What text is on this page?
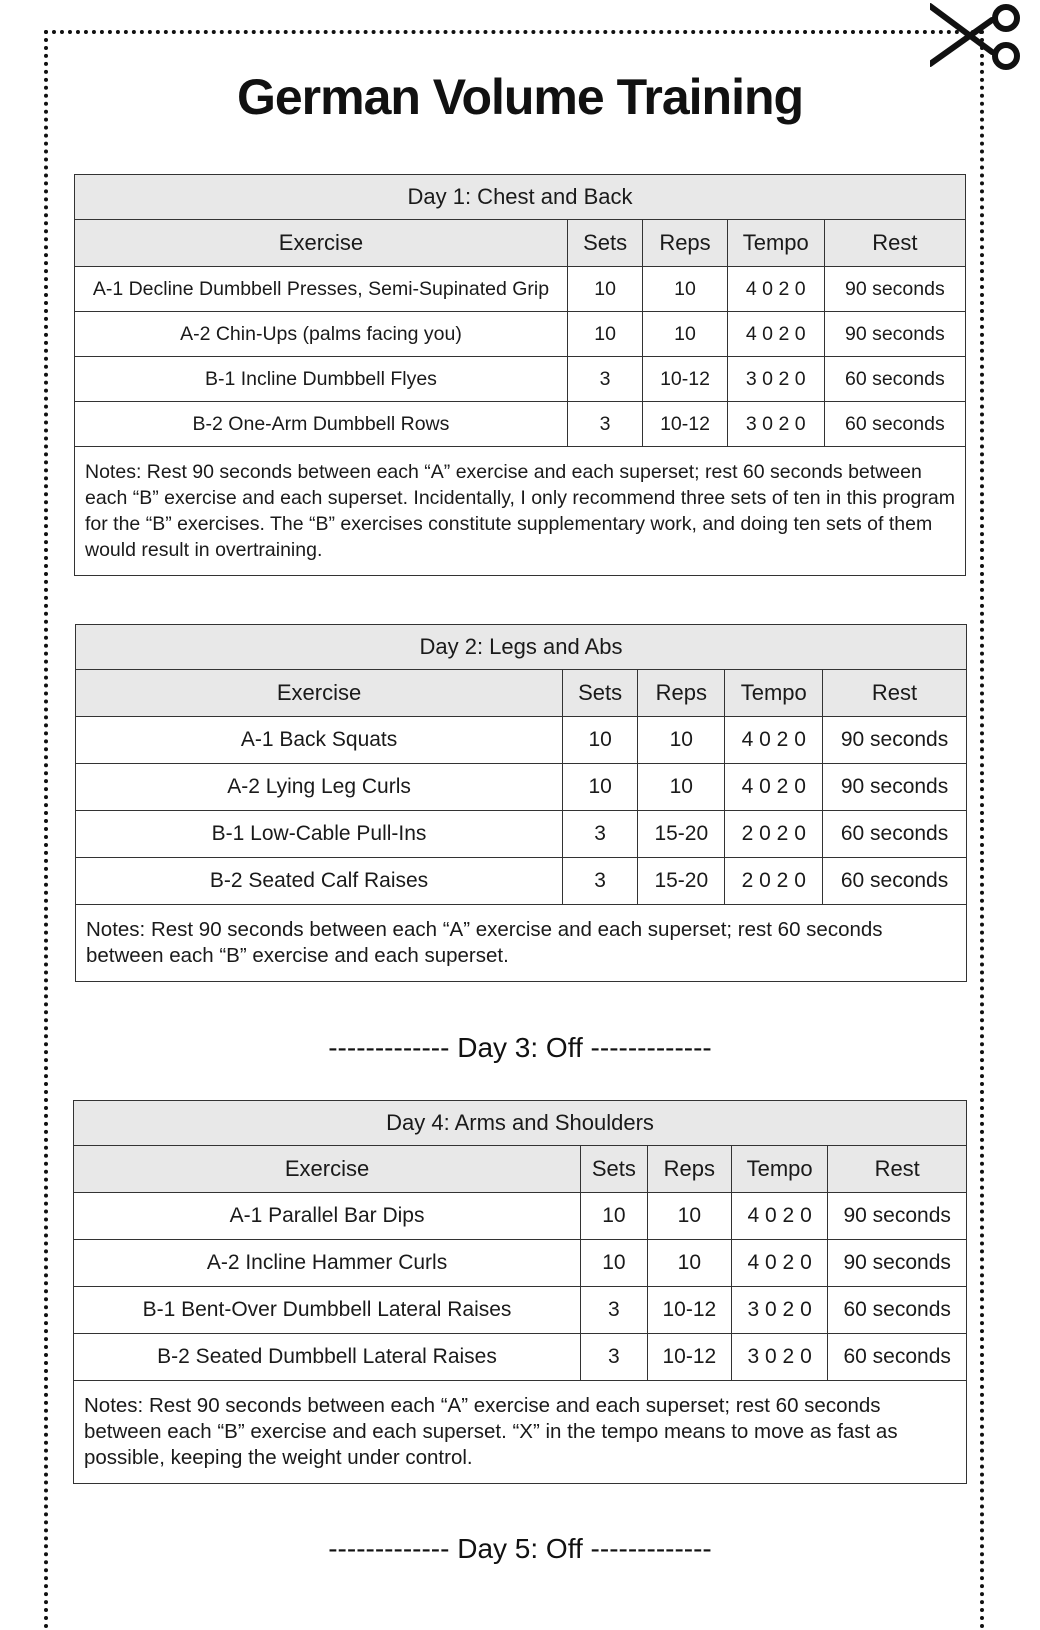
German Volume Training
Day 1: Chest and Back				
Exercise	Sets	Reps	Tempo	Rest
A-1 Decline Dumbbell Presses, Semi-Supinated Grip	10	10	4 0 2 0	90 seconds
A-2 Chin-Ups (palms facing you)	10	10	4 0 2 0	90 seconds
B-1 Incline Dumbbell Flyes	3	10-12	3 0 2 0	60 seconds
B-2 One-Arm Dumbbell Rows	3	10-12	3 0 2 0	60 seconds
Notes: Rest 90 seconds between each “A” exercise and each superset; rest 60 seconds between each “B” exercise and each superset. Incidentally, I only recommend three sets of ten in this program for the “B” exercises. The “B” exercises constitute supplementary work, and doing ten sets of them would result in overtraining.				
Day 2: Legs and Abs				
Exercise	Sets	Reps	Tempo	Rest
A-1 Back Squats	10	10	4 0 2 0	90 seconds
A-2 Lying Leg Curls	10	10	4 0 2 0	90 seconds
B-1 Low-Cable Pull-Ins	3	15-20	2 0 2 0	60 seconds
B-2 Seated Calf Raises	3	15-20	2 0 2 0	60 seconds
Notes: Rest 90 seconds between each “A” exercise and each superset; rest 60 seconds between each “B” exercise and each superset.				
------------- Day 3: Off -------------
Day 4: Arms and Shoulders				
Exercise	Sets	Reps	Tempo	Rest
A-1 Parallel Bar Dips	10	10	4 0 2 0	90 seconds
A-2 Incline Hammer Curls	10	10	4 0 2 0	90 seconds
B-1 Bent-Over Dumbbell Lateral Raises	3	10-12	3 0 2 0	60 seconds
B-2 Seated Dumbbell Lateral Raises	3	10-12	3 0 2 0	60 seconds
Notes: Rest 90 seconds between each “A” exercise and each superset; rest 60 seconds between each “B” exercise and each superset. “X” in the tempo means to move as fast as possible, keeping the weight under control.				
------------- Day 5: Off -------------
